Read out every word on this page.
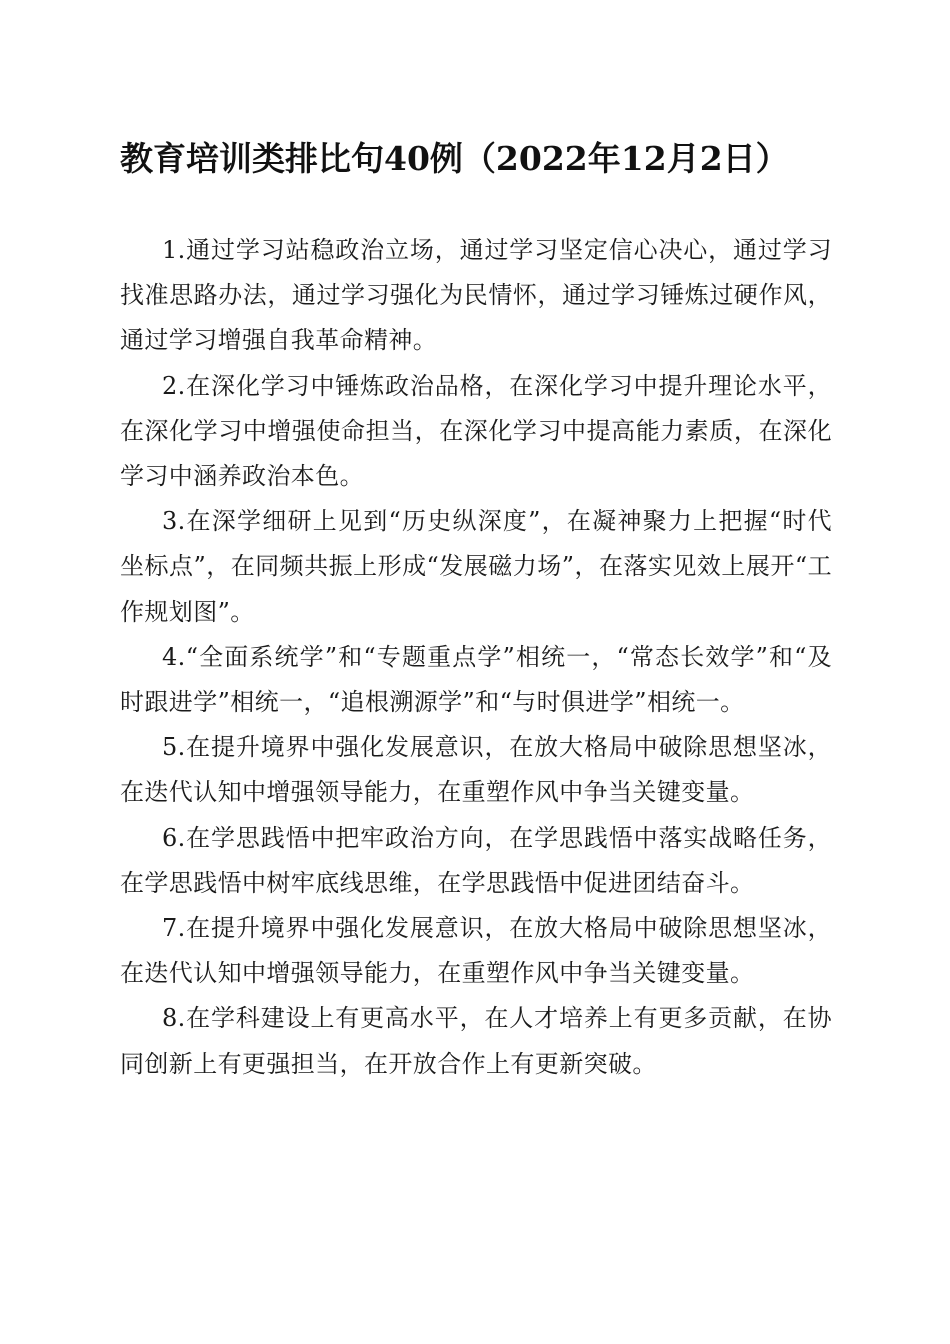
教育培训类排比句40例（2022年12月2日）

1.通过学习站稳政治立场，通过学习坚定信心决心，通过学习找准思路办法，通过学习强化为民情怀，通过学习锤炼过硬作风，通过学习增强自我革命精神。

2.在深化学习中锤炼政治品格，在深化学习中提升理论水平，在深化学习中增强使命担当，在深化学习中提高能力素质，在深化学习中涵养政治本色。

3.在深学细研上见到“历史纵深度”，在凝神聚力上把握“时代坐标点”，在同频共振上形成“发展磁力场”，在落实见效上展开“工作规划图”。

4.“全面系统学”和“专题重点学”相统一，“常态长效学”和“及时跟进学”相统一，“追根溯源学”和“与时俱进学”相统一。

5.在提升境界中强化发展意识，在放大格局中破除思想坚冰，在迭代认知中增强领导能力，在重塑作风中争当关键变量。

6.在学思践悟中把牢政治方向，在学思践悟中落实战略任务，在学思践悟中树牢底线思维，在学思践悟中促进团结奋斗。

7.在提升境界中强化发展意识，在放大格局中破除思想坚冰，在迭代认知中增强领导能力，在重塑作风中争当关键变量。

8.在学科建设上有更高水平，在人才培养上有更多贡献，在协同创新上有更强担当，在开放合作上有更新突破。
